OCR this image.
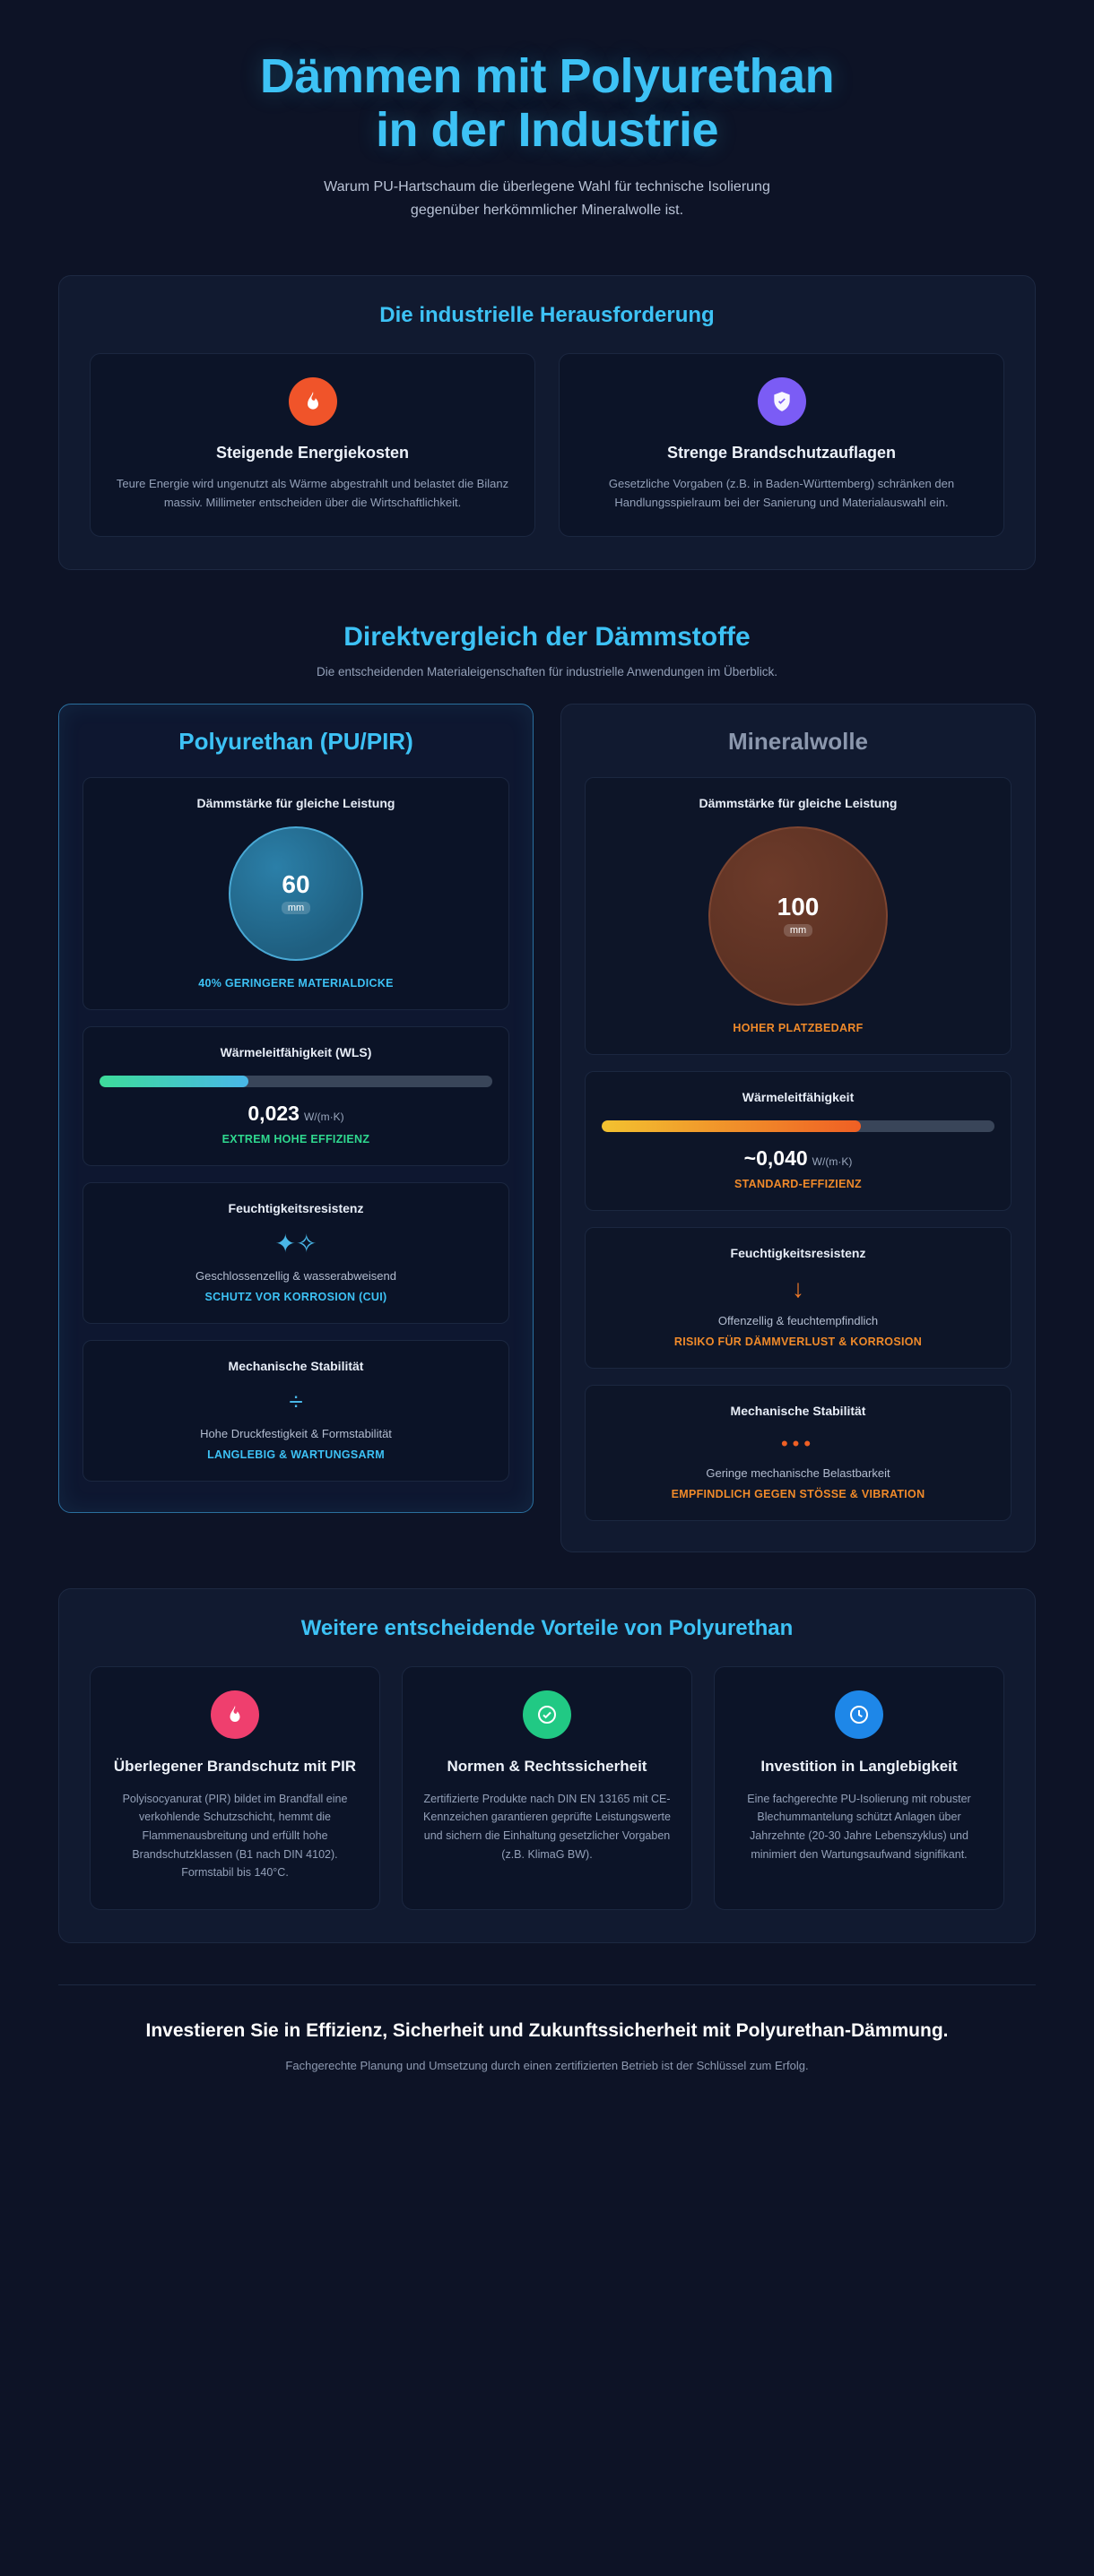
Dämmen mit Polyurethan
in der Industrie

Warum PU-Hartschaum die überlegene Wahl für technische Isolierung
gegenüber herkömmlicher Mineralwolle ist.

Die industrielle Herausforderung
Steigende Energiekosten

Teure Energie wird ungenutzt als Wärme abgestrahlt und belastet die Bilanz massiv. Millimeter entscheiden über die Wirtschaftlichkeit.

Strenge Brandschutzauflagen

Gesetzliche Vorgaben (z.B. in Baden-Württemberg) schränken den Handlungsspielraum bei der Sanierung und Materialauswahl ein.

Direktvergleich der Dämmstoffe

Die entscheidenden Materialeigenschaften für industrielle Anwendungen im Überblick.

Polyurethan (PU/PIR)
Dämmstärke für gleiche Leistung
60
mm
40% GERINGERE MATERIALDICKE
Wärmeleitfähigkeit (WLS)
0,023 W/(m·K)
EXTREM HOHE EFFIZIENZ
Feuchtigkeitsresistenz
✦✧
Geschlossenzellig & wasserabweisend
SCHUTZ VOR KORROSION (CUI)
Mechanische Stabilität
÷
Hohe Druckfestigkeit & Formstabilität
LANGLEBIG & WARTUNGSARM
Mineralwolle
Dämmstärke für gleiche Leistung
100
mm
HOHER PLATZBEDARF
Wärmeleitfähigkeit
~0,040 W/(m·K)
STANDARD-EFFIZIENZ
Feuchtigkeitsresistenz
↓
Offenzellig & feuchtempfindlich
RISIKO FÜR DÄMMVERLUST & KORROSION
Mechanische Stabilität
•••
Geringe mechanische Belastbarkeit
EMPFINDLICH GEGEN STÖSSE & VIBRATION
Weitere entscheidende Vorteile von Polyurethan
Überlegener Brandschutz mit PIR

Polyisocyanurat (PIR) bildet im Brandfall eine verkohlende Schutzschicht, hemmt die Flammenausbreitung und erfüllt hohe Brandschutzklassen (B1 nach DIN 4102). Formstabil bis 140°C.

Normen & Rechtssicherheit

Zertifizierte Produkte nach DIN EN 13165 mit CE-Kennzeichen garantieren geprüfte Leistungswerte und sichern die Einhaltung gesetzlicher Vorgaben (z.B. KlimaG BW).

Investition in Langlebigkeit

Eine fachgerechte PU-Isolierung mit robuster Blechummantelung schützt Anlagen über Jahrzehnte (20-30 Jahre Lebenszyklus) und minimiert den Wartungsaufwand signifikant.

Investieren Sie in Effizienz, Sicherheit und Zukunftssicherheit mit Polyurethan-Dämmung.

Fachgerechte Planung und Umsetzung durch einen zertifizierten Betrieb ist der Schlüssel zum Erfolg.
